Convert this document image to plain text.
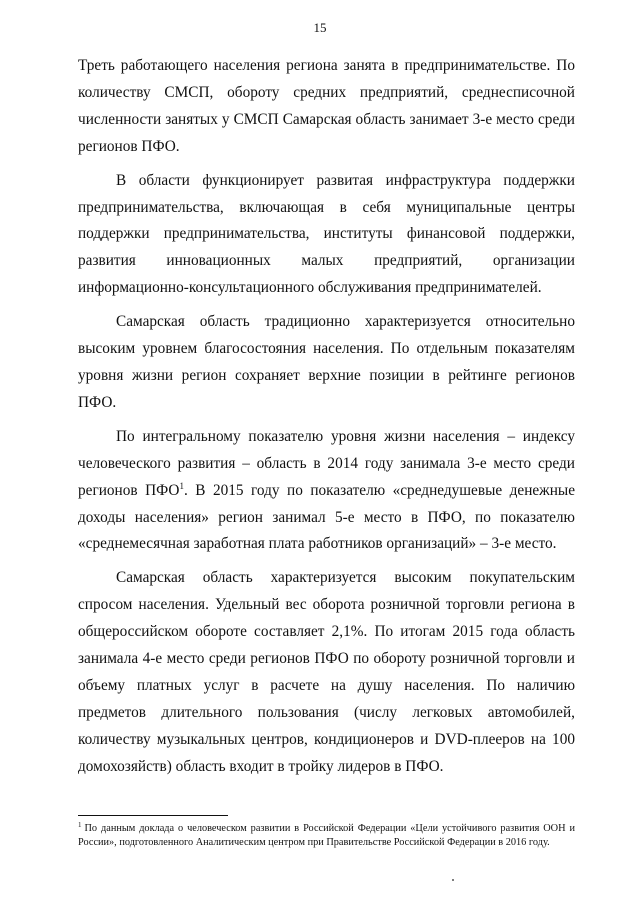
15

Треть работающего населения региона занята в предпринимательстве. По количеству СМСП, обороту средних предприятий, среднесписочной численности занятых у СМСП Самарская область занимает 3-е место среди регионов ПФО.

В области функционирует развитая инфраструктура поддержки предпринимательства, включающая в себя муниципальные центры поддержки предпринимательства, институты финансовой поддержки, развития инновационных малых предприятий, организации информационно-консультационного обслуживания предпринимателей.

Самарская область традиционно характеризуется относительно высоким уровнем благосостояния населения. По отдельным показателям уровня жизни регион сохраняет верхние позиции в рейтинге регионов ПФО.

По интегральному показателю уровня жизни населения – индексу человеческого развития – область в 2014 году занимала 3-е место среди регионов ПФО$^1$. В 2015 году по показателю «среднедушевые денежные доходы населения» регион занимал 5-е место в ПФО, по показателю «среднемесячная заработная плата работников организаций» – 3-е место.

Самарская область характеризуется высоким покупательским спросом населения. Удельный вес оборота розничной торговли региона в общероссийском обороте составляет 2,1%. По итогам 2015 года область занимала 4-е место среди регионов ПФО по обороту розничной торговли и объему платных услуг в расчете на душу населения. По наличию предметов длительного пользования (числу легковых автомобилей, количеству музыкальных центров, кондиционеров и DVD-плееров на 100 домохозяйств) область входит в тройку лидеров в ПФО.

$^1$ По данным доклада о человеческом развитии в Российской Федерации «Цели устойчивого развития ООН и России», подготовленного Аналитическим центром при Правительстве Российской Федерации в 2016 году.
